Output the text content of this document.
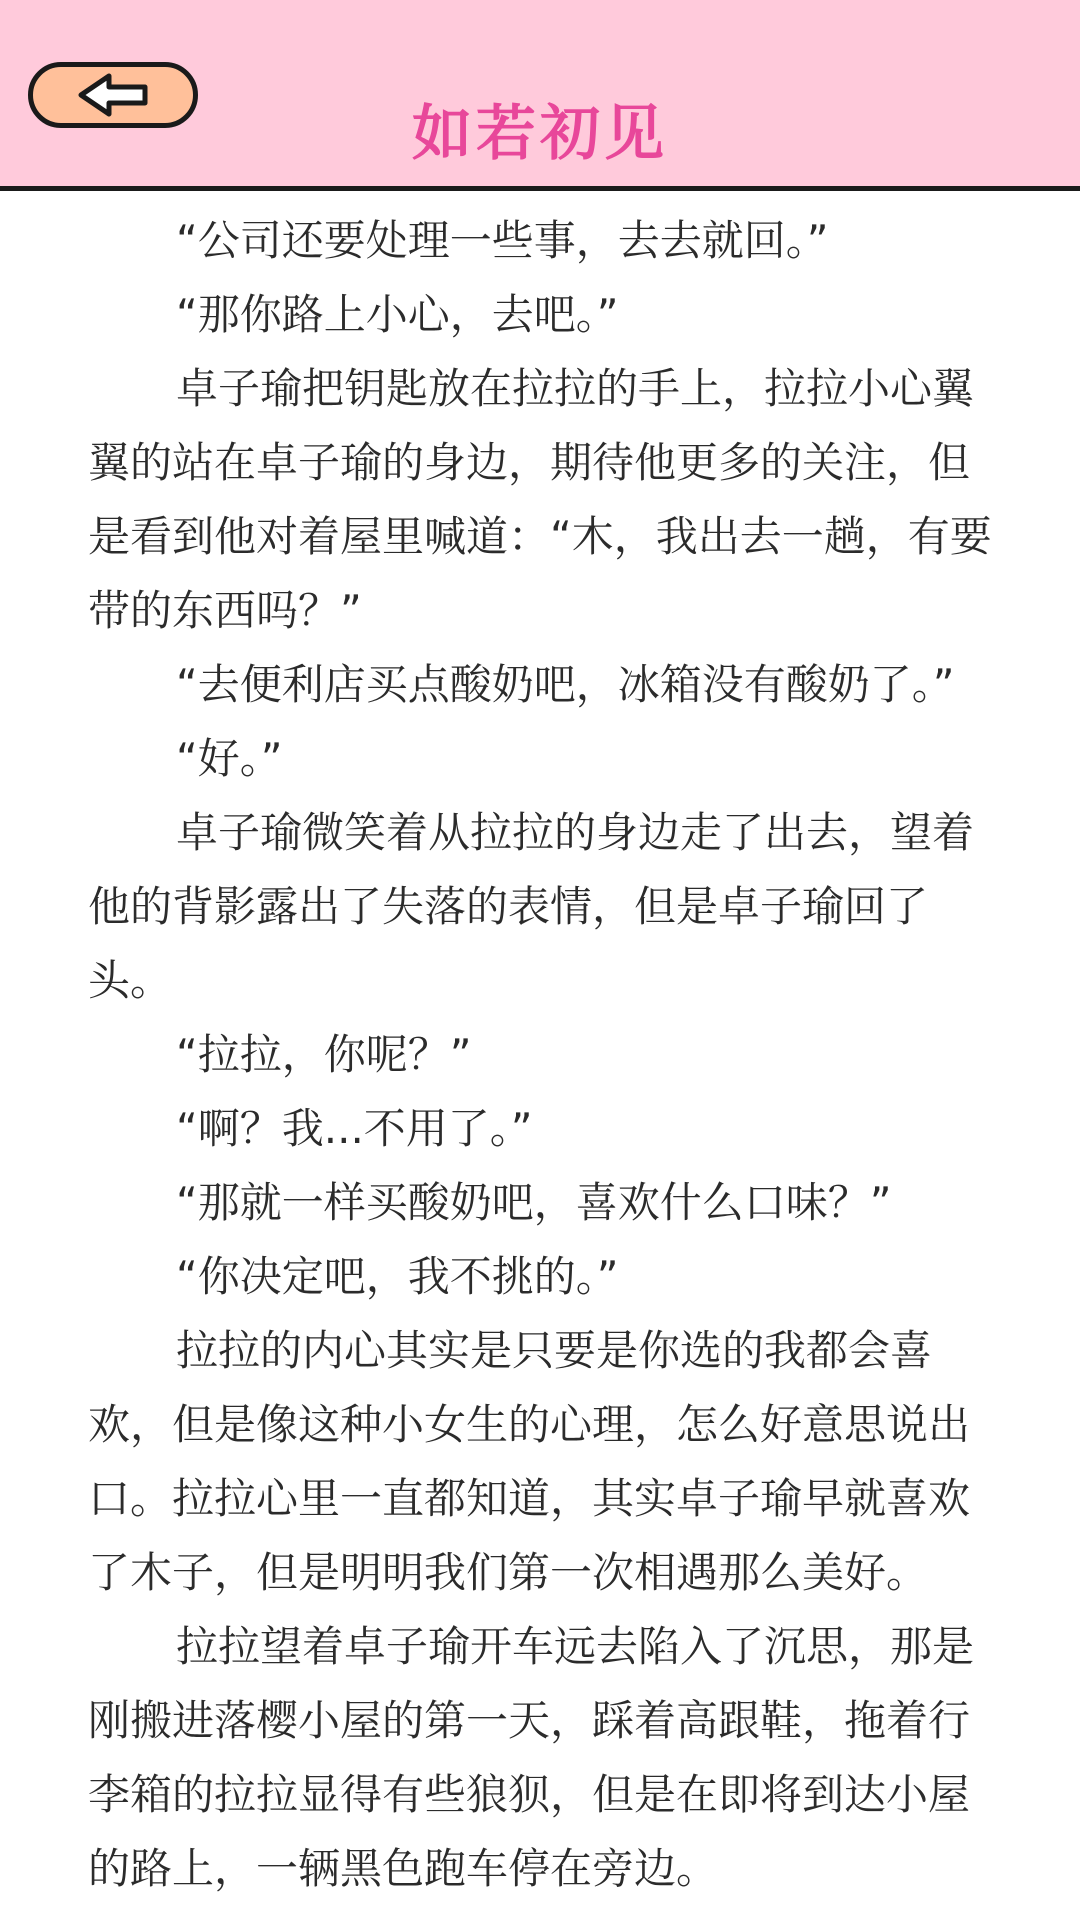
如若初见

“公司还要处理一些事，去去就回。”

“那你路上小心，去吧。”

卓子瑜把钥匙放在拉拉的手上，拉拉小心翼翼的站在卓子瑜的身边，期待他更多的关注，但是看到他对着屋里喊道：“木，我出去一趟，有要带的东西吗？”

“去便利店买点酸奶吧，冰箱没有酸奶了。”

“好。”

卓子瑜微笑着从拉拉的身边走了出去，望着他的背影露出了失落的表情，但是卓子瑜回了头。

“拉拉，你呢？”

“啊？我...不用了。”

“那就一样买酸奶吧，喜欢什么口味？”

“你决定吧，我不挑的。”

拉拉的内心其实是只要是你选的我都会喜欢，但是像这种小女生的心理，怎么好意思说出口。拉拉心里一直都知道，其实卓子瑜早就喜欢了木子，但是明明我们第一次相遇那么美好。

拉拉望着卓子瑜开车远去陷入了沉思，那是刚搬进落樱小屋的第一天，踩着高跟鞋，拖着行李箱的拉拉显得有些狼狈，但是在即将到达小屋的路上，一辆黑色跑车停在旁边。
